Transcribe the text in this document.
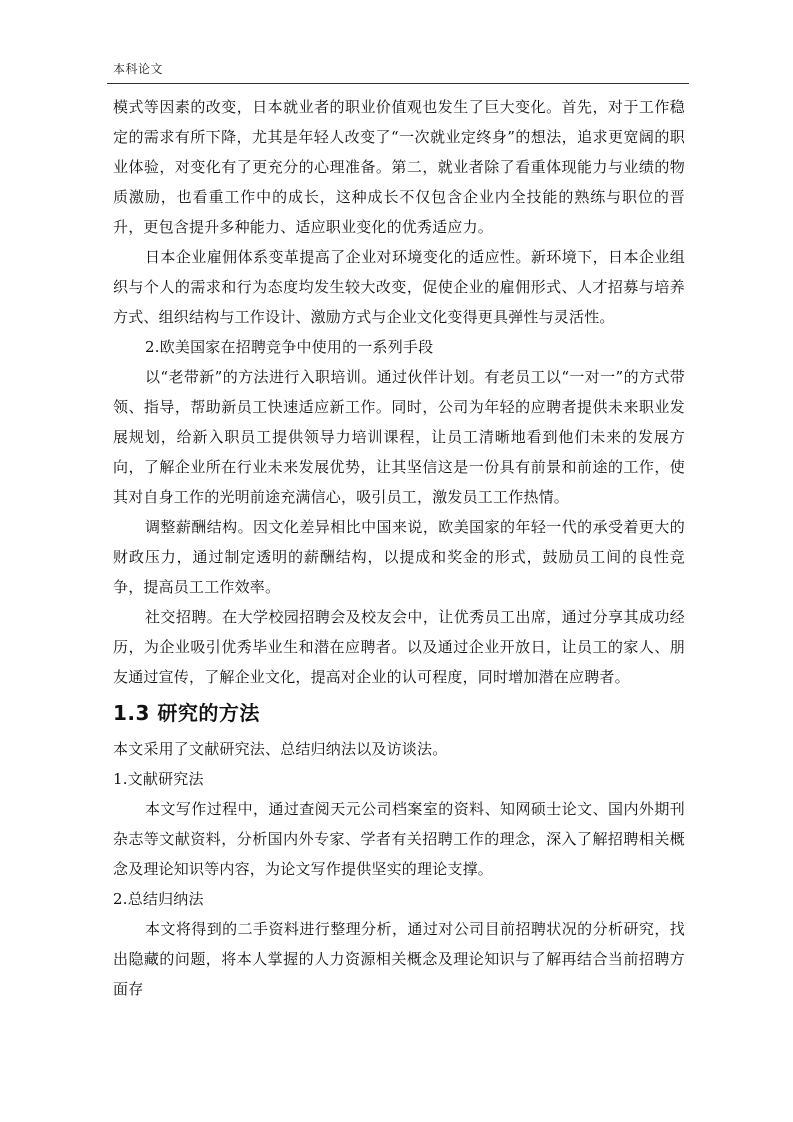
本科论文

模式等因素的改变，日本就业者的职业价值观也发生了巨大变化。首先，对于工作稳定的需求有所下降，尤其是年轻人改变了“一次就业定终身”的想法，追求更宽阔的职业体验，对变化有了更充分的心理准备。第二，就业者除了看重体现能力与业绩的物质激励，也看重工作中的成长，这种成长不仅包含企业内全技能的熟练与职位的晋升，更包含提升多种能力、适应职业变化的优秀适应力。

日本企业雇佣体系变革提高了企业对环境变化的适应性。新环境下，日本企业组织与个人的需求和行为态度均发生较大改变，促使企业的雇佣形式、人才招募与培养方式、组织结构与工作设计、激励方式与企业文化变得更具弹性与灵活性。

2.欧美国家在招聘竞争中使用的一系列手段

以“老带新”的方法进行入职培训。通过伙伴计划。有老员工以“一对一”的方式带领、指导，帮助新员工快速适应新工作。同时，公司为年轻的应聘者提供未来职业发展规划，给新入职员工提供领导力培训课程，让员工清晰地看到他们未来的发展方向，了解企业所在行业未来发展优势，让其坚信这是一份具有前景和前途的工作，使其对自身工作的光明前途充满信心，吸引员工，激发员工工作热情。

调整薪酬结构。因文化差异相比中国来说，欧美国家的年轻一代的承受着更大的财政压力，通过制定透明的薪酬结构，以提成和奖金的形式，鼓励员工间的良性竞争，提高员工工作效率。

社交招聘。在大学校园招聘会及校友会中，让优秀员工出席，通过分享其成功经历，为企业吸引优秀毕业生和潜在应聘者。以及通过企业开放日，让员工的家人、朋友通过宣传，了解企业文化，提高对企业的认可程度，同时增加潜在应聘者。

1.3 研究的方法

本文采用了文献研究法、总结归纳法以及访谈法。

1.文献研究法

本文写作过程中，通过查阅天元公司档案室的资料、知网硕士论文、国内外期刊杂志等文献资料，分析国内外专家、学者有关招聘工作的理念，深入了解招聘相关概念及理论知识等内容，为论文写作提供坚实的理论支撑。

2.总结归纳法

本文将得到的二手资料进行整理分析，通过对公司目前招聘状况的分析研究，找出隐藏的问题，将本人掌握的人力资源相关概念及理论知识与了解再结合当前招聘方面存
